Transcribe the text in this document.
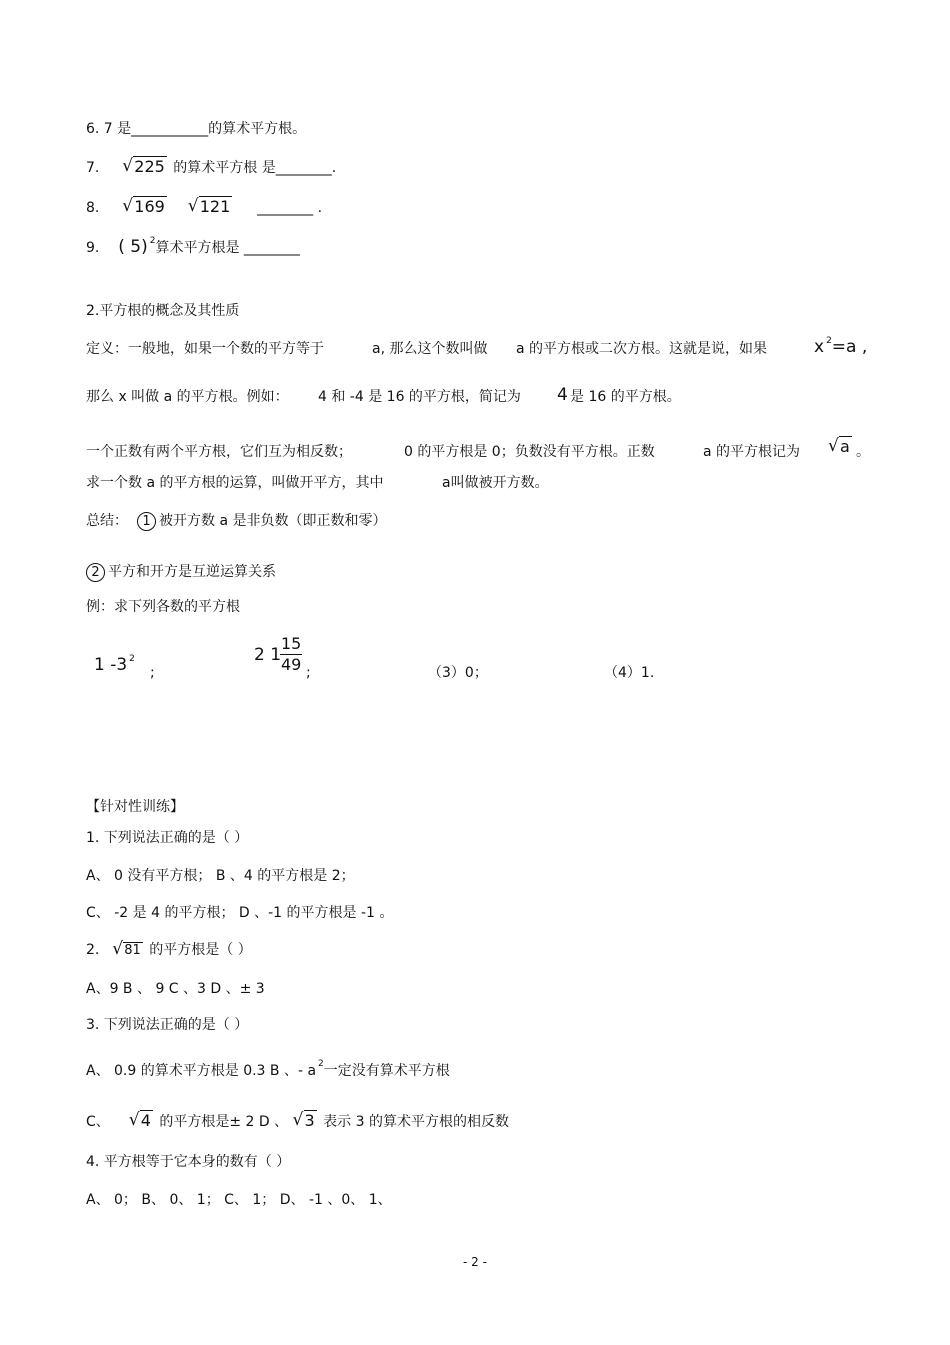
6. 7 是___________的算术平方根。
7. √ 225 的算术平方根 是________.
8. √ 169 √ 121 ________ .
9. ( 5) $^2$算术平方根是 ________
2.平方根的概念及其性质
定义：一般地，如果一个数的平方等于	a, 那么这个数叫做 a 的平方根或二次方根。这就是说，如果	x $^2$=a ,
那么 x 叫做 a 的平方根。例如： 4 和 -4 是 16 的平方根，简记为 4 是 16 的平方根。
一个正数有两个平方根，它们互为相反数；	0 的平方根是 0；负数没有平方根。正数	a 的平方根记为 √ a 。
求一个数 a 的平方根的运算，叫做开平方，其中	a叫做被开方数。
总结：	1 被开方数 a 是非负数（即正数和零）
2 平方和开方是互逆运算关系
例：求下列各数的平方根
1 -3 $^2$
;
2 1
$\frac{15}{49}$ ;	（3）0；	（4）1.
【针对性训练】
1. 下列说法正确的是（ ）
A、 0 没有平方根； B 、4 的平方根是 2；
C、 -2 是 4 的平方根； D 、-1 的平方根是 -1 。
2. √ 81 的平方根是（ ）
A、9 B 、 9 C 、3 D 、± 3
3. 下列说法正确的是（ ）
A、 0.9 的算术平方根是 0.3 B 、- a $^2$一定没有算术平方根
C、 √ 4 的平方根是± 2 D 、 √ 3 表示 3 的算术平方根的相反数
4. 平方根等于它本身的数有（ ）
A、 0； B、 0、 1； C、 1； D、 -1 、0、 1、
- 2 -
